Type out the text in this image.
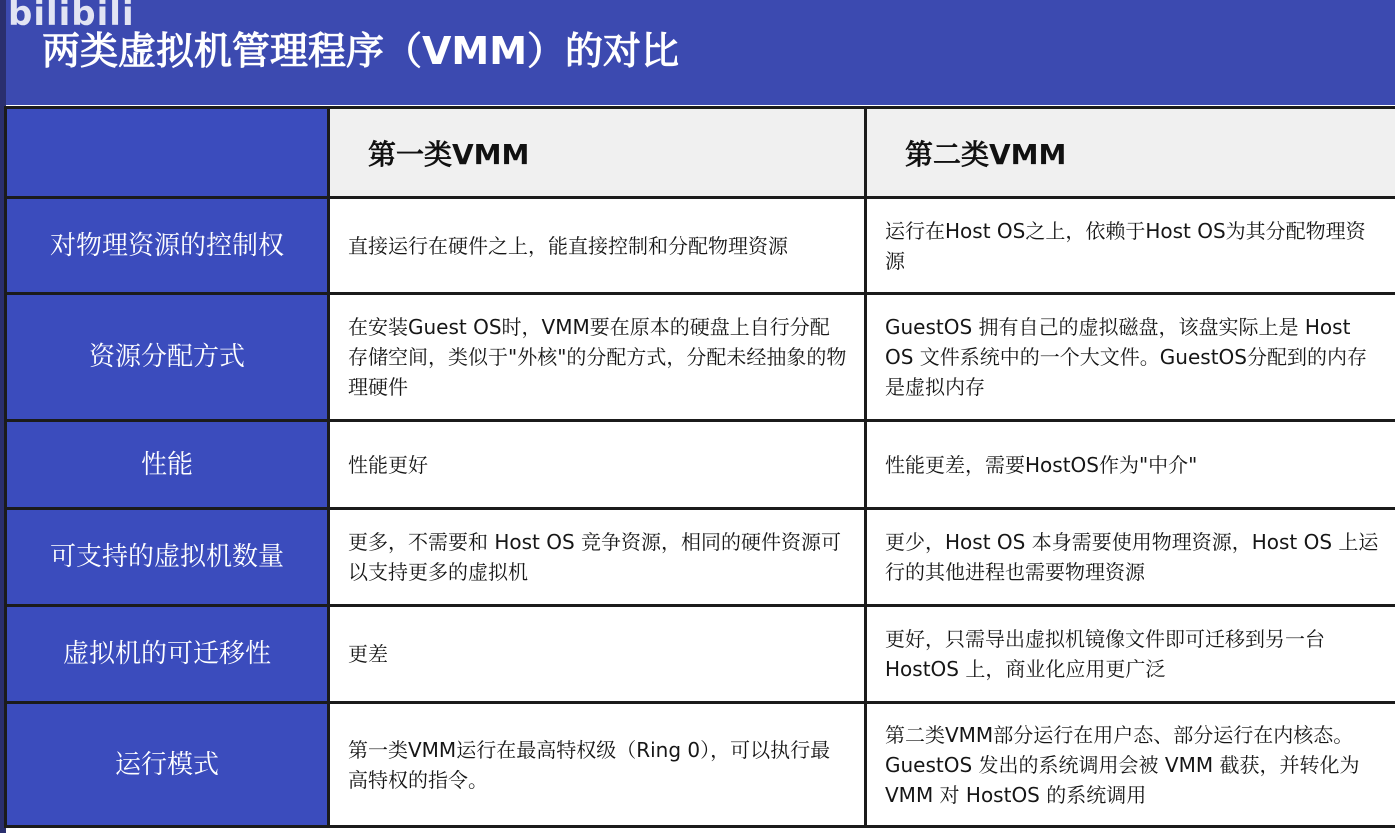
bilibili
两类虚拟机管理程序（VMM）的对比
	第一类VMM	第二类VMM
对物理资源的控制权	直接运行在硬件之上，能直接控制和分配物理资源	运行在Host OS之上，依赖于Host OS为其分配物理资源
资源分配方式	在安装Guest OS时，VMM要在原本的硬盘上自行分配存储空间，类似于"外核"的分配方式，分配未经抽象的物理硬件	GuestOS 拥有自己的虚拟磁盘，该盘实际上是 Host OS 文件系统中的一个大文件。GuestOS分配到的内存是虚拟内存
性能	性能更好	性能更差，需要HostOS作为"中介"
可支持的虚拟机数量	更多，不需要和 Host OS 竞争资源，相同的硬件资源可以支持更多的虚拟机	更少，Host OS 本身需要使用物理资源，Host OS 上运行的其他进程也需要物理资源
虚拟机的可迁移性	更差	更好，只需导出虚拟机镜像文件即可迁移到另一台 HostOS 上，商业化应用更广泛
运行模式	第一类VMM运行在最高特权级（Ring 0），可以执行最高特权的指令。	第二类VMM部分运行在用户态、部分运行在内核态。GuestOS 发出的系统调用会被 VMM 截获，并转化为 VMM 对 HostOS 的系统调用
